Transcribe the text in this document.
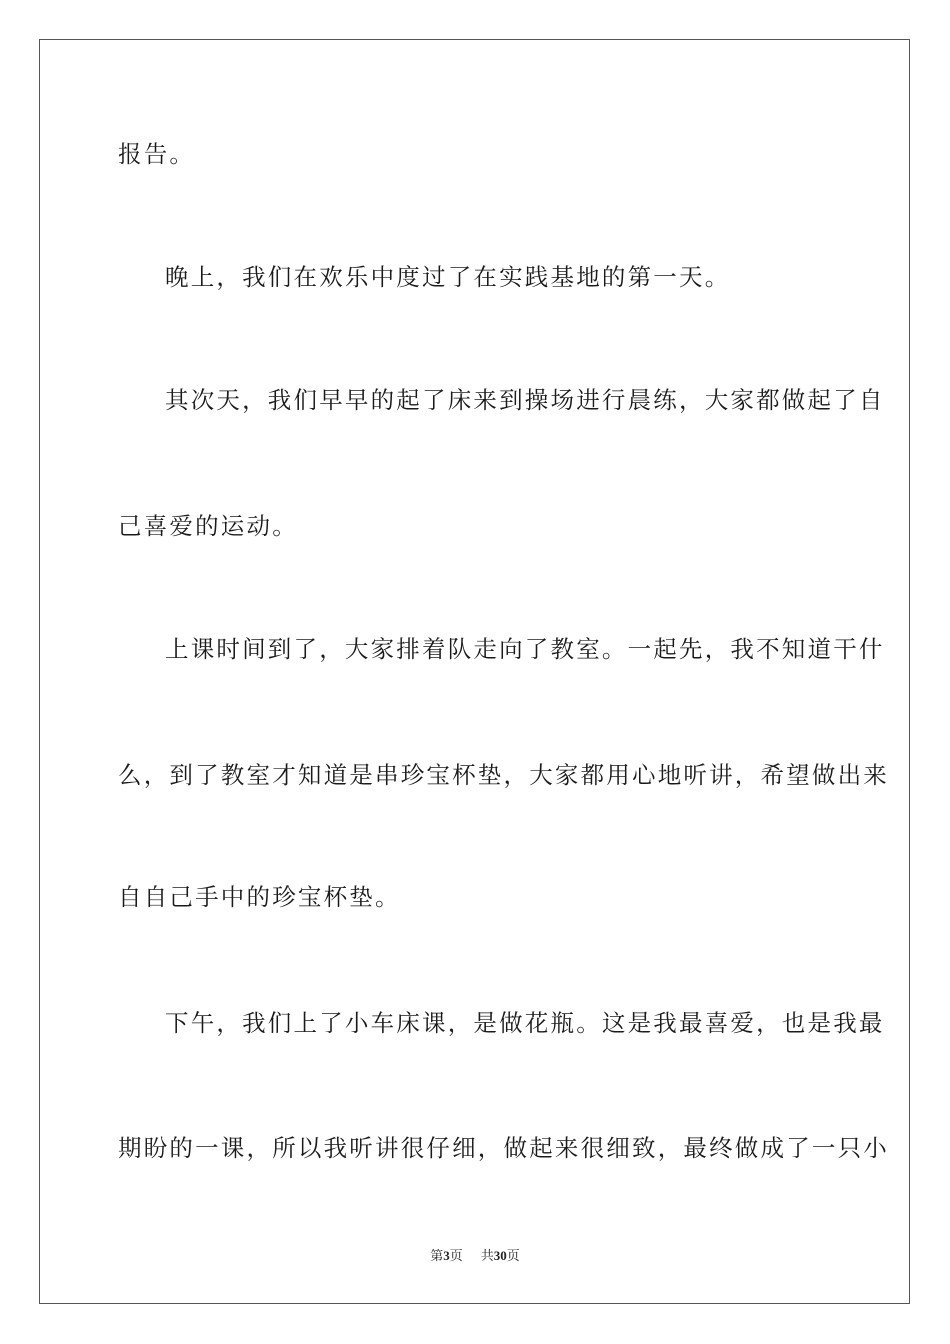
报告。
晚上，我们在欢乐中度过了在实践基地的第一天。
其次天，我们早早的起了床来到操场进行晨练，大家都做起了自
己喜爱的运动。
上课时间到了，大家排着队走向了教室。一起先，我不知道干什
么，到了教室才知道是串珍宝杯垫，大家都用心地听讲，希望做出来
自自己手中的珍宝杯垫。
下午，我们上了小车床课，是做花瓶。这是我最喜爱，也是我最
期盼的一课，所以我听讲很仔细，做起来很细致，最终做成了一只小
第3页 共30页
